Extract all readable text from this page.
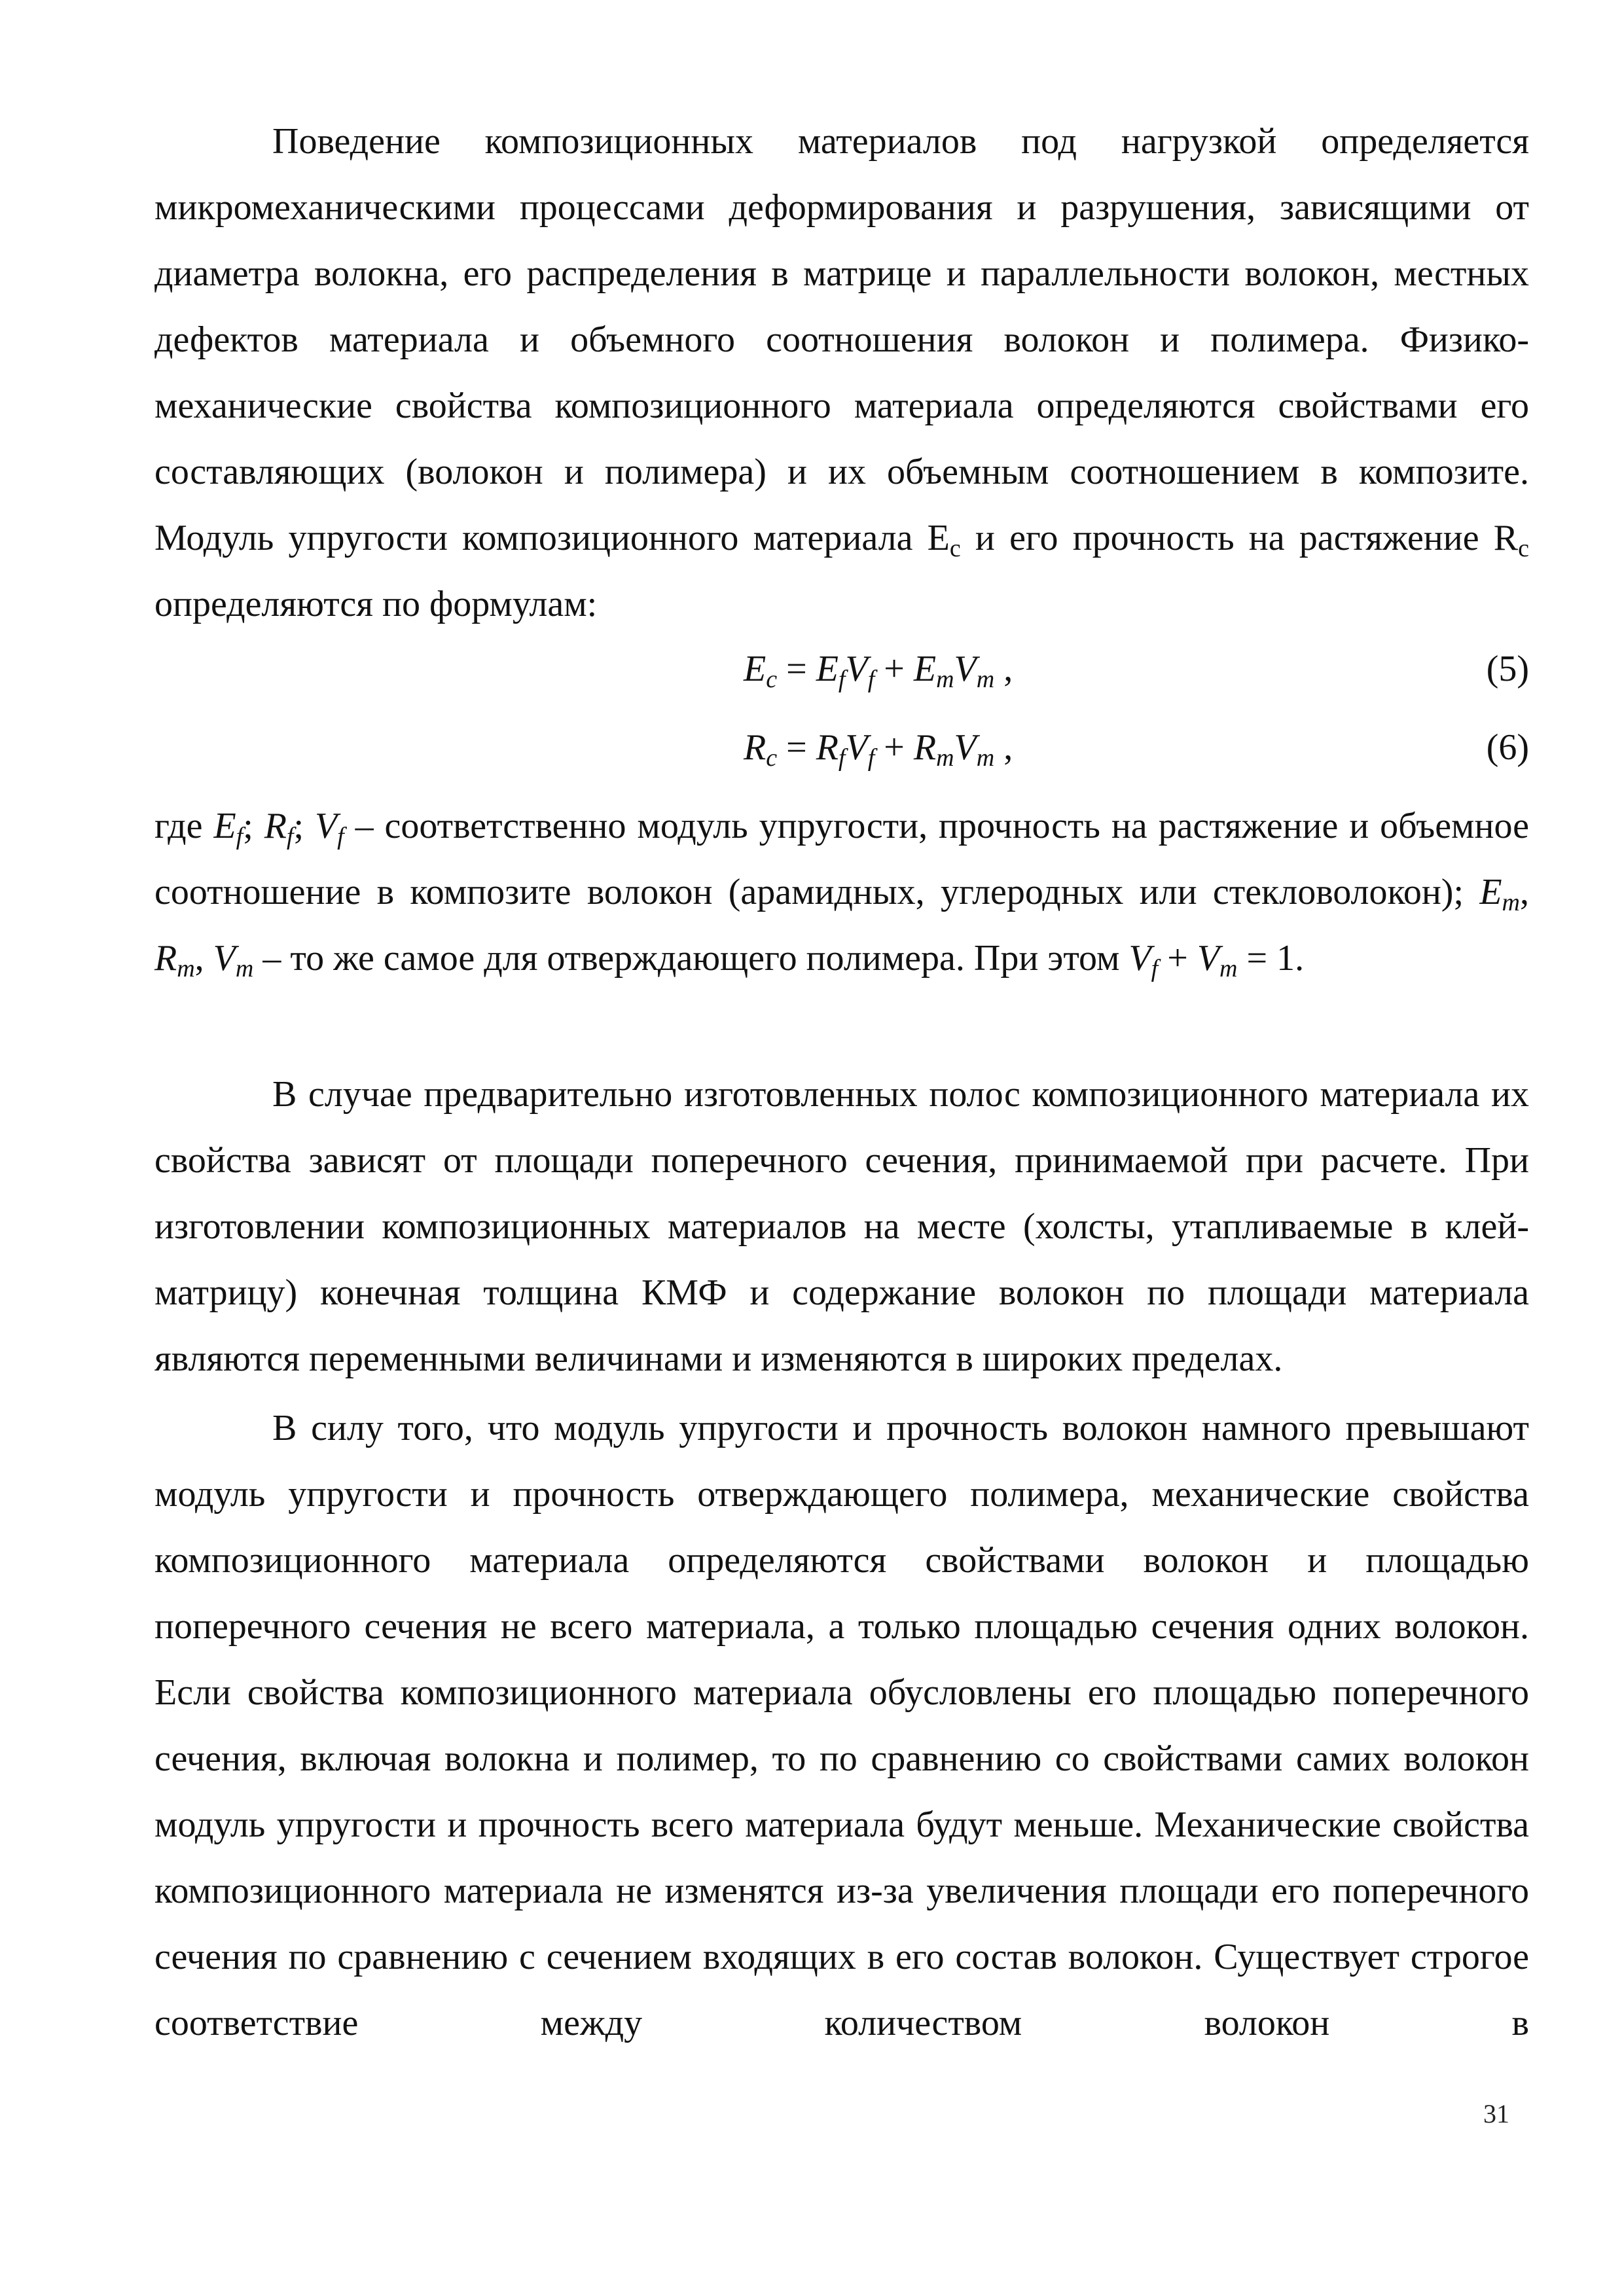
Поведение композиционных материалов под нагрузкой определяется микромеханическими процессами деформирования и разрушения, зависящими от диаметра волокна, его распределения в матрице и параллельности волокон, местных дефектов материала и объемного соотношения волокон и полимера. Физико-механические свойства композиционного материала определяются свойствами его составляющих (волокон и полимера) и их объемным соотношением в композите. Модуль упругости композиционного материала $E_c$ и его прочность на растяжение $R_c$ определяются по формулам:
$E_c = E_fV_f + E_mV_m$ ,	(5)
$R_c = R_fV_f + R_mV_m$ ,	(6)
где $E_f$; $R_f$; $V_f$ – соответственно модуль упругости, прочность на растяжение и объемное соотношение в композите волокон (арамидных, углеродных или стекловолокон); $E_m$, $R_m$, $V_m$ – то же самое для отверждающего полимера. При этом $V_f + V_m = 1$.
В случае предварительно изготовленных полос композиционного материала их свойства зависят от площади поперечного сечения, принимаемой при расчете. При изготовлении композиционных материалов на месте (холсты, утапливаемые в клей-матрицу) конечная толщина КМФ и содержание волокон по площади материала являются переменными величинами и изменяются в широких пределах.
В силу того, что модуль упругости и прочность волокон намного превышают модуль упругости и прочность отверждающего полимера, механические свойства композиционного материала определяются свойствами волокон и площадью поперечного сечения не всего материала, а только площадью сечения одних волокон. Если свойства композиционного материала обусловлены его площадью поперечного сечения, включая волокна и полимер, то по сравнению со свойствами самих волокон модуль упругости и прочность всего материала будут меньше. Механические свойства композиционного материала не изменятся из-за увеличения площади его поперечного сечения по сравнению с сечением входящих в его состав волокон. Существует строгое соответствие между количеством волокон в
31
